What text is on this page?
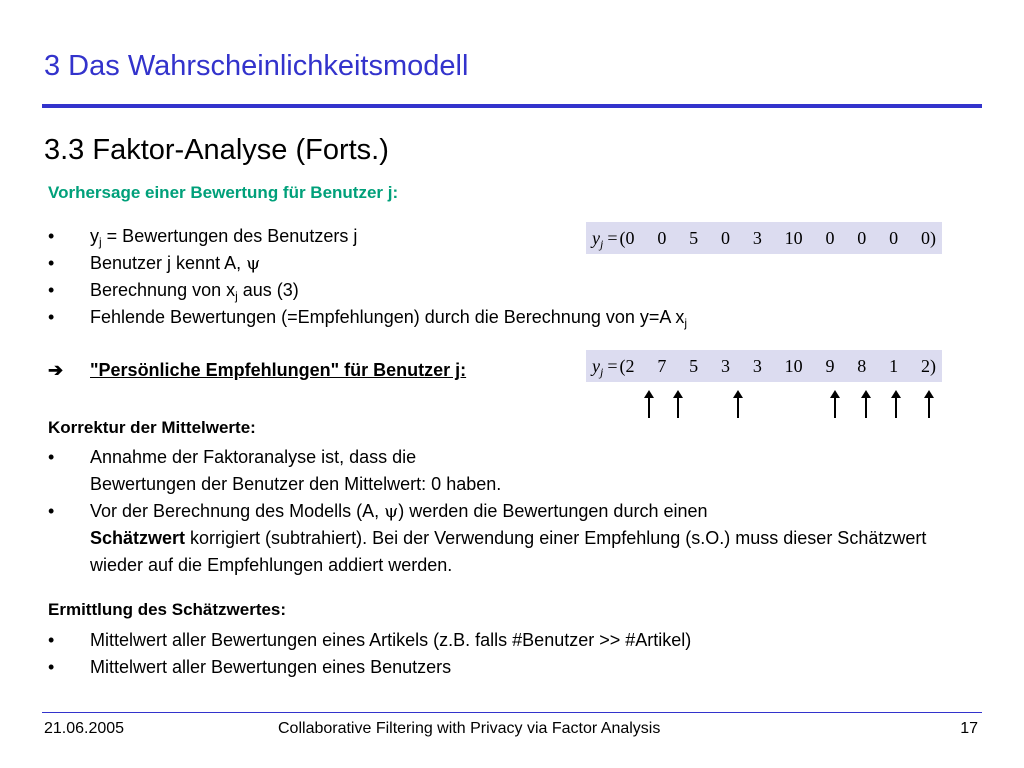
3 Das Wahrscheinlichkeitsmodell
3.3 Faktor-Analyse (Forts.)
Vorhersage einer Bewertung für Benutzer j:
• $y_j$ = Bewertungen des Benutzers j
• Benutzer j kennt A, ψ
• Berechnung von $x_j$ aus (3)
• Fehlende Bewertungen (=Empfehlungen) durch die Berechnung von y=A $x_j$
$y_j = (0$ 0 5 0 3 10 0 0 0 0)
➔ "Persönliche Empfehlungen" für Benutzer j:	$y_j = (2$ 7 5 3 3 10 9 8 1 2)
Korrektur der Mittelwerte:
• Annahme der Faktoranalyse ist, dass die
Bewertungen der Benutzer den Mittelwert: 0 haben.
• Vor der Berechnung des Modells (A, ψ) werden die Bewertungen durch einen
Schätzwert korrigiert (subtrahiert). Bei der Verwendung einer Empfehlung (s.O.) muss dieser Schätzwert wieder auf die Empfehlungen addiert werden.
Ermittlung des Schätzwertes:
• Mittelwert aller Bewertungen eines Artikels (z.B. falls #Benutzer >> #Artikel)
• Mittelwert aller Bewertungen eines Benutzers
21.06.2005	Collaborative Filtering with Privacy via Factor Analysis	17
